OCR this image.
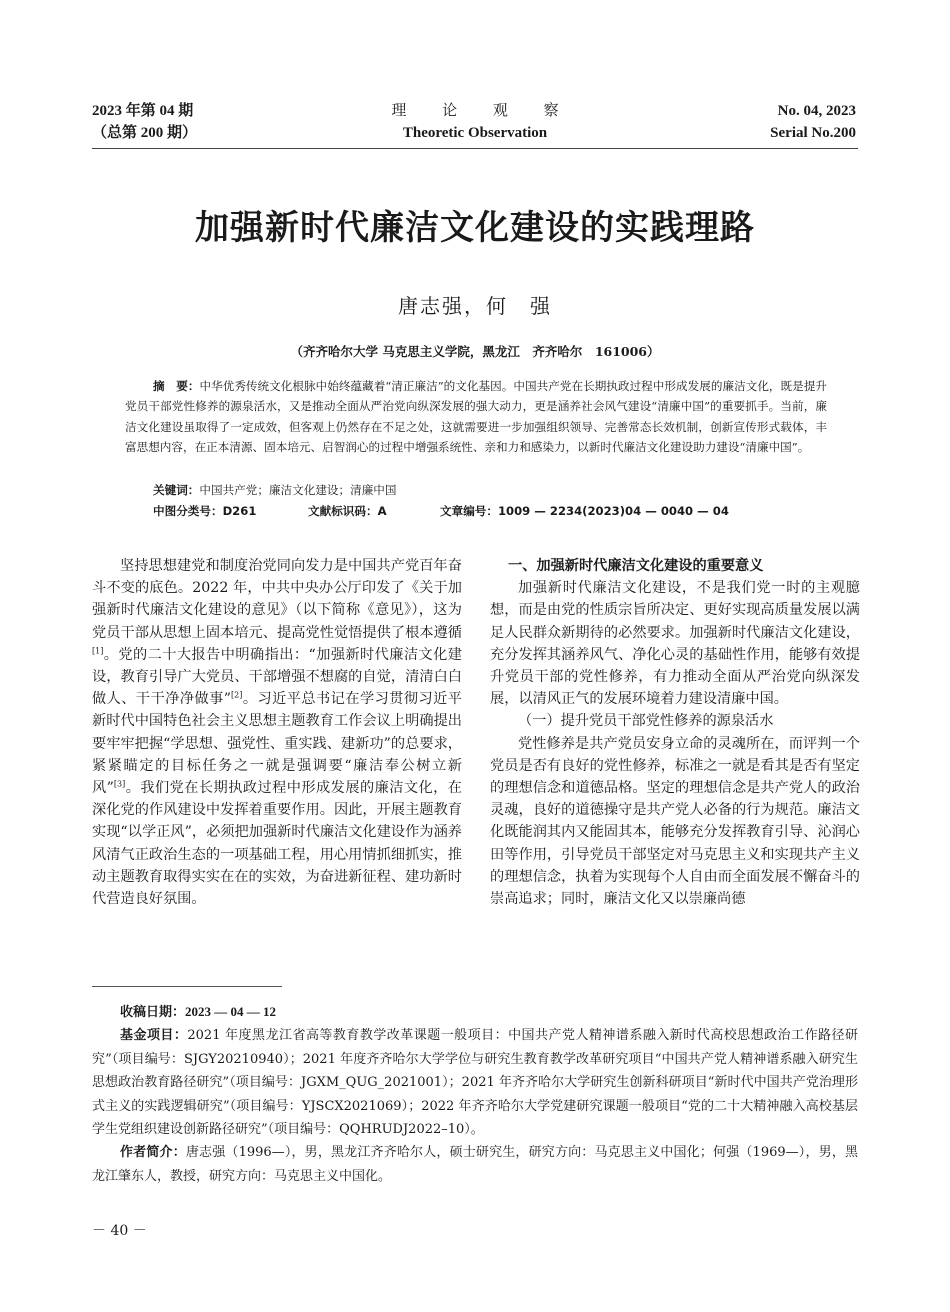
2023 年第 04 期
（总第 200 期）
理 论 观 察
Theoretic Observation
No. 04, 2023
Serial No.200
加强新时代廉洁文化建设的实践理路
唐志强，何　强
（齐齐哈尔大学 马克思主义学院，黑龙江　齐齐哈尔　161006）

摘　要：中华优秀传统文化根脉中始终蕴藏着“清正廉洁”的文化基因。中国共产党在长期执政过程中形成发展的廉洁文化，既是提升党员干部党性修养的源泉活水，又是推动全面从严治党向纵深发展的强大动力，更是涵养社会风气建设“清廉中国”的重要抓手。当前，廉洁文化建设虽取得了一定成效，但客观上仍然存在不足之处，这就需要进一步加强组织领导、完善常态长效机制，创新宣传形式载体，丰富思想内容，在正本清源、固本培元、启智润心的过程中增强系统性、亲和力和感染力，以新时代廉洁文化建设助力建设“清廉中国”。

关键词：中国共产党；廉洁文化建设；清廉中国
中图分类号：D261	文献标识码：A	文章编号：1009 — 2234(2023)04 — 0040 — 04

坚持思想建党和制度治党同向发力是中国共产党百年奋斗不变的底色。2022 年，中共中央办公厅印发了《关于加强新时代廉洁文化建设的意见》（以下简称《意见》），这为党员干部从思想上固本培元、提高党性觉悟提供了根本遵循[1]。党的二十大报告中明确指出：“加强新时代廉洁文化建设，教育引导广大党员、干部增强不想腐的自觉，清清白白做人、干干净净做事”[2]。习近平总书记在学习贯彻习近平新时代中国特色社会主义思想主题教育工作会议上明确提出要牢牢把握“学思想、强党性、重实践、建新功”的总要求，紧紧瞄定的目标任务之一就是强调要“廉洁奉公树立新风”[3]。我们党在长期执政过程中形成发展的廉洁文化，在深化党的作风建设中发挥着重要作用。因此，开展主题教育实现“以学正风”，必须把加强新时代廉洁文化建设作为涵养风清气正政治生态的一项基础工程，用心用情抓细抓实，推动主题教育取得实实在在的实效，为奋进新征程、建功新时代营造良好氛围。

一、加强新时代廉洁文化建设的重要意义

加强新时代廉洁文化建设，不是我们党一时的主观臆想，而是由党的性质宗旨所决定、更好实现高质量发展以满足人民群众新期待的必然要求。加强新时代廉洁文化建设，充分发挥其涵养风气、净化心灵的基础性作用，能够有效提升党员干部的党性修养，有力推动全面从严治党向纵深发展，以清风正气的发展环境着力建设清廉中国。

（一）提升党员干部党性修养的源泉活水

党性修养是共产党员安身立命的灵魂所在，而评判一个党员是否有良好的党性修养，标准之一就是看其是否有坚定的理想信念和道德品格。坚定的理想信念是共产党人的政治灵魂，良好的道德操守是共产党人必备的行为规范。廉洁文化既能润其内又能固其本，能够充分发挥教育引导、沁润心田等作用，引导党员干部坚定对马克思主义和实现共产主义的理想信念，执着为实现每个人自由而全面发展不懈奋斗的崇高追求；同时，廉洁文化又以崇廉尚德

收稿日期：2023 — 04 — 12

基金项目：2021 年度黑龙江省高等教育教学改革课题一般项目：中国共产党人精神谱系融入新时代高校思想政治工作路径研究”（项目编号：SJGY20210940）；2021 年度齐齐哈尔大学学位与研究生教育教学改革研究项目“中国共产党人精神谱系融入研究生思想政治教育路径研究”（项目编号：JGXM_QUG_2021001）；2021 年齐齐哈尔大学研究生创新科研项目“新时代中国共产党治理形式主义的实践逻辑研究”（项目编号：YJSCX2021069）；2022 年齐齐哈尔大学党建研究课题一般项目“党的二十大精神融入高校基层学生党组织建设创新路径研究”（项目编号：QQHRUDJ2022–10）。

作者简介：唐志强（1996—），男，黑龙江齐齐哈尔人，硕士研究生，研究方向：马克思主义中国化；何强（1969—），男，黑龙江肇东人，教授，研究方向：马克思主义中国化。

－ 40 －
